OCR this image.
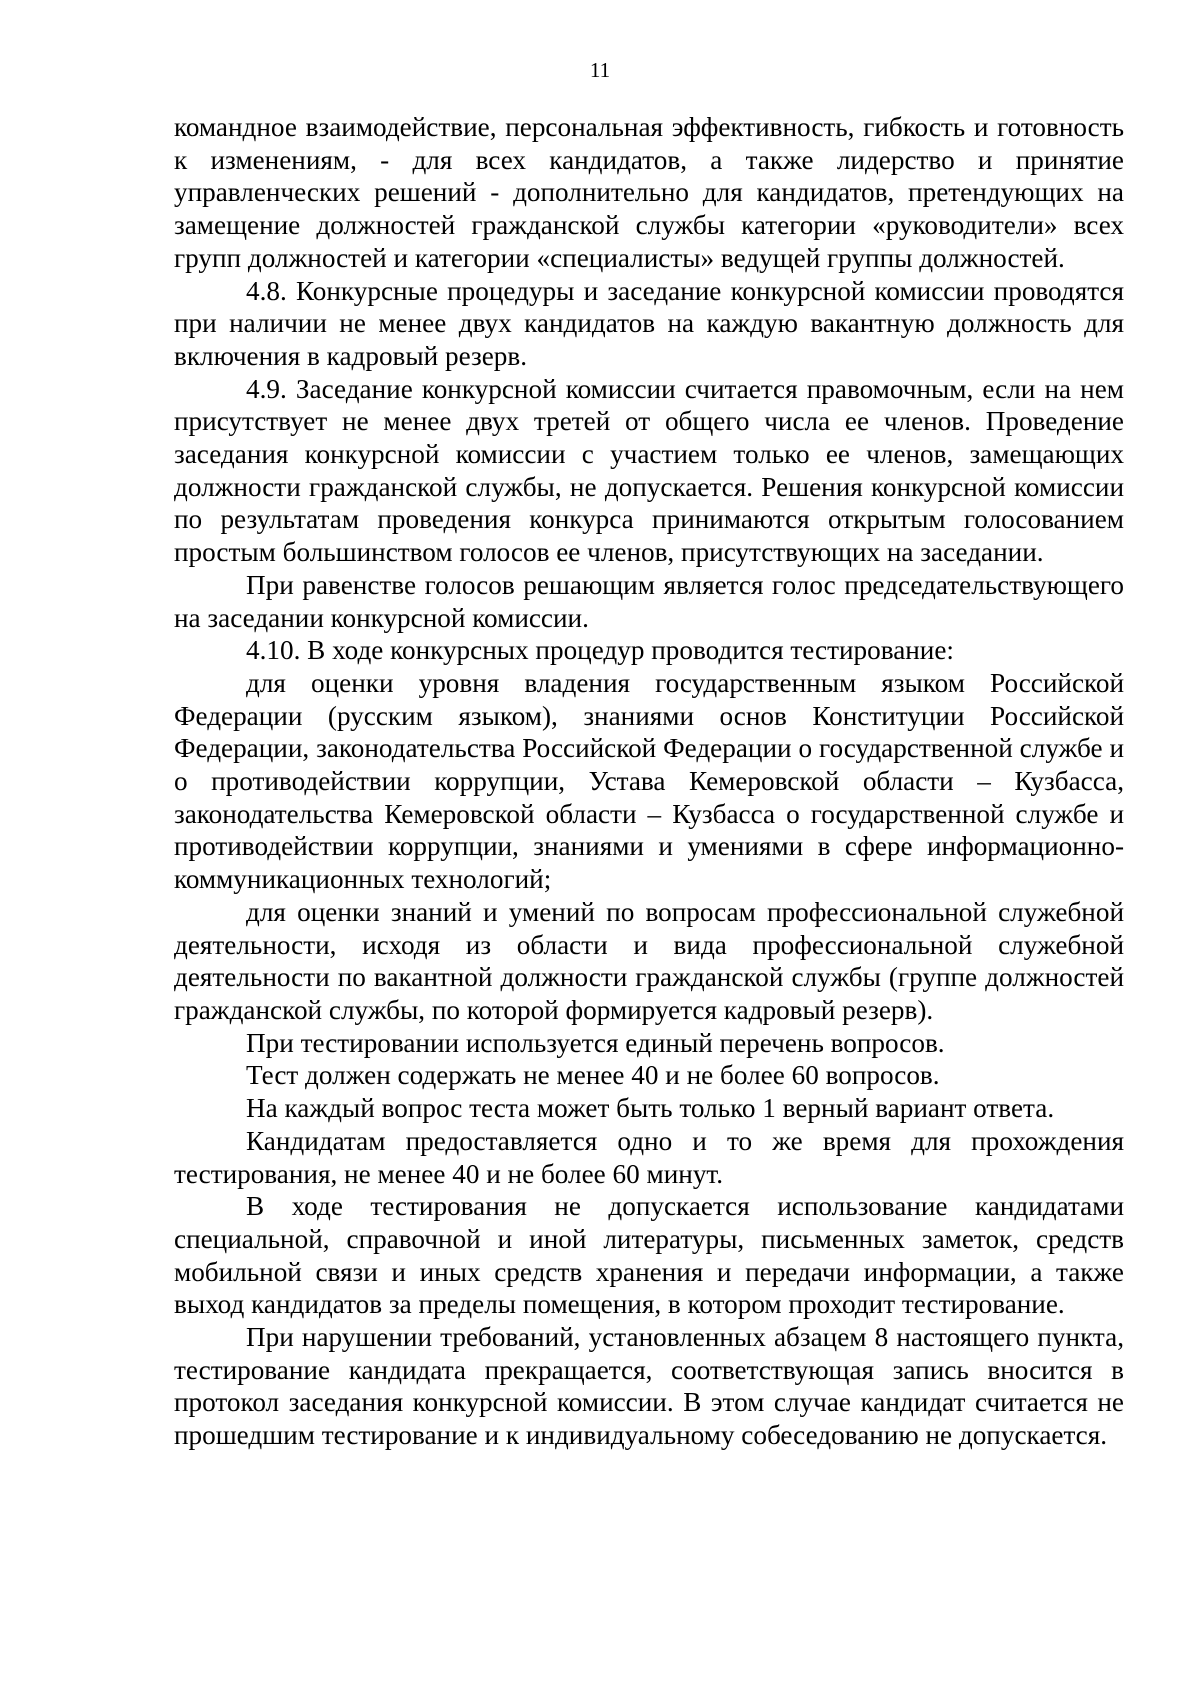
11

командное взаимодействие, персональная эффективность, гибкость и готовность к изменениям, - для всех кандидатов, а также лидерство и принятие управленческих решений - дополнительно для кандидатов, претендующих на замещение должностей гражданской службы категории «руководители» всех групп должностей и категории «специалисты» ведущей группы должностей.

4.8. Конкурсные процедуры и заседание конкурсной комиссии проводятся при наличии не менее двух кандидатов на каждую вакантную должность для включения в кадровый резерв.

4.9. Заседание конкурсной комиссии считается правомочным, если на нем присутствует не менее двух третей от общего числа ее членов. Проведение заседания конкурсной комиссии с участием только ее членов, замещающих должности гражданской службы, не допускается. Решения конкурсной комиссии по результатам проведения конкурса принимаются открытым голосованием простым большинством голосов ее членов, присутствующих на заседании.

При равенстве голосов решающим является голос председательствующего на заседании конкурсной комиссии.

4.10. В ходе конкурсных процедур проводится тестирование:

для оценки уровня владения государственным языком Российской Федерации (русским языком), знаниями основ Конституции Российской Федерации, законодательства Российской Федерации о государственной службе и о противодействии коррупции, Устава Кемеровской области – Кузбасса, законодательства Кемеровской области – Кузбасса о государственной службе и противодействии коррупции, знаниями и умениями в сфере информационно-коммуникационных технологий;

для оценки знаний и умений по вопросам профессиональной служебной деятельности, исходя из области и вида профессиональной служебной деятельности по вакантной должности гражданской службы (группе должностей гражданской службы, по которой формируется кадровый резерв).

При тестировании используется единый перечень вопросов.

Тест должен содержать не менее 40 и не более 60 вопросов.

На каждый вопрос теста может быть только 1 верный вариант ответа.

Кандидатам предоставляется одно и то же время для прохождения тестирования, не менее 40 и не более 60 минут.

В ходе тестирования не допускается использование кандидатами специальной, справочной и иной литературы, письменных заметок, средств мобильной связи и иных средств хранения и передачи информации, а также выход кандидатов за пределы помещения, в котором проходит тестирование.

При нарушении требований, установленных абзацем 8 настоящего пункта, тестирование кандидата прекращается, соответствующая запись вносится в протокол заседания конкурсной комиссии. В этом случае кандидат считается не прошедшим тестирование и к индивидуальному собеседованию не допускается.
